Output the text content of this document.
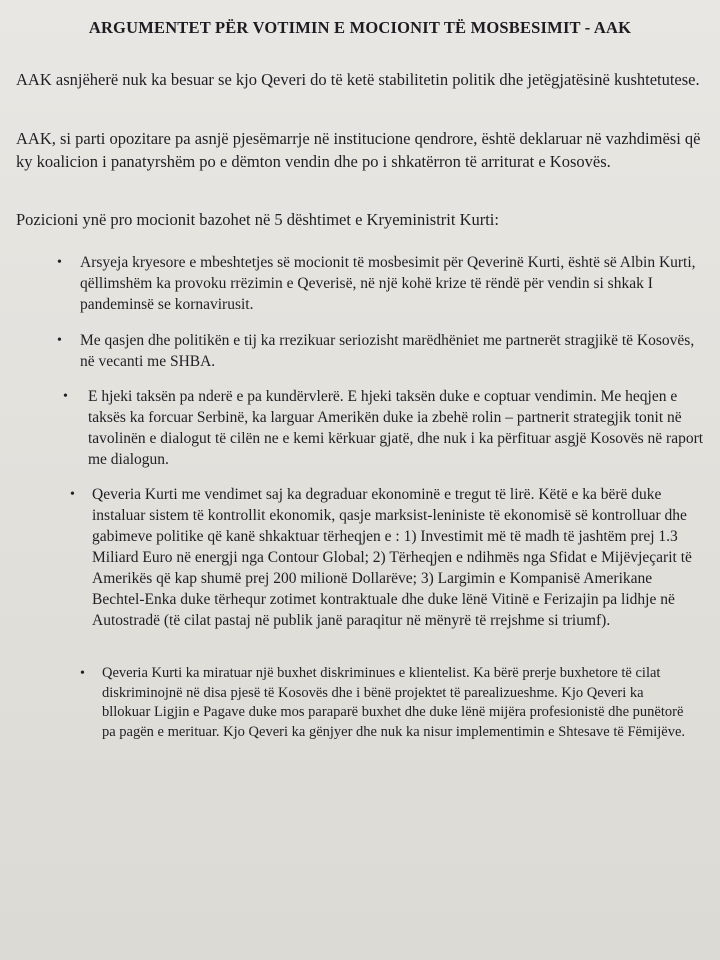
ARGUMENTET PËR VOTIMIN E MOCIONIT TË MOSBESIMIT - AAK

AAK asnjëherë nuk ka besuar se kjo Qeveri do të ketë stabilitetin politik dhe jetëgjatësinë kushtetutese.

AAK, si parti opozitare pa asnjë pjesëmarrje në institucione qendrore, është deklaruar në vazhdimësi që ky koalicion i panatyrshëm po e dëmton vendin dhe po i shkatërron të arriturat e Kosovës.

Pozicioni ynë pro mocionit bazohet në 5 dështimet e Kryeministrit Kurti:

• Arsyeja kryesore e mbeshtetjes së mocionit të mosbesimit për Qeverinë Kurti, është së Albin Kurti, qëllimshëm ka provoku rrëzimin e Qeverisë, në një kohë krize të rëndë për vendin si shkak I pandeminsë se kornavirusit.

• Me qasjen dhe politikën e tij ka rrezikuar seriozisht marëdhëniet me partnerët stragjikë të Kosovës, në vecanti me SHBA.

• E hjeki taksën pa nderë e pa kundërvlerë. E hjeki taksën duke e coptuar vendimin. Me heqjen e taksës ka forcuar Serbinë, ka larguar Amerikën duke ia zbehë rolin – partnerit strategjik tonit në tavolinën e dialogut të cilën ne e kemi kërkuar gjatë, dhe nuk i ka përfituar asgjë Kosovës në raport me dialogun.

• Qeveria Kurti me vendimet saj ka degraduar ekonominë e tregut të lirë. Këtë e ka bërë duke instaluar sistem të kontrollit ekonomik, qasje marksist-leniniste të ekonomisë së kontrolluar dhe gabimeve politike që kanë shkaktuar tërheqjen e : 1) Investimit më të madh të jashtëm prej 1.3 Miliard Euro në energji nga Contour Global; 2) Tërheqjen e ndihmës nga Sfidat e Mijëvjeçarit të Amerikës që kap shumë prej 200 milionë Dollarëve; 3) Largimin e Kompanisë Amerikane Bechtel-Enka duke tërhequr zotimet kontraktuale dhe duke lënë Vitinë e Ferizajin pa lidhje në Autostradë (të cilat pastaj në publik janë paraqitur në mënyrë të rrejshme si triumf).

• Qeveria Kurti ka miratuar një buxhet diskriminues e klientelist. Ka bërë prerje buxhetore të cilat diskriminojnë në disa pjesë të Kosovës dhe i bënë projektet të parealizueshme. Kjo Qeveri ka bllokuar Ligjin e Pagave duke mos paraparë buxhet dhe duke lënë mijëra profesionistë dhe punëtorë pa pagën e merituar. Kjo Qeveri ka gënjyer dhe nuk ka nisur implementimin e Shtesave të Fëmijëve.
